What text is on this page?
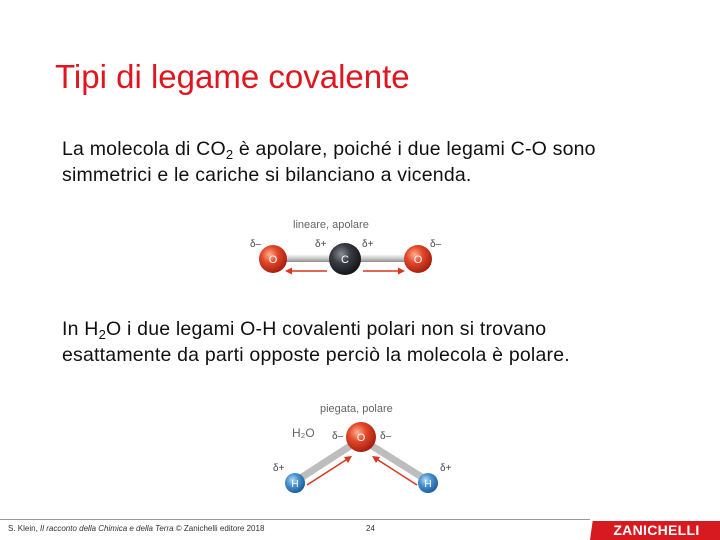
Tipi di legame covalente
La molecola di $CO_2$ è apolare, poiché i due legami C-O sono simmetrici e le cariche si bilanciano a vicenda.
lineare, apolare
δ–	δ+	δ+	δ–
O	C	O
In $H_2O$ i due legami O-H covalenti polari non si trovano esattamente da parti opposte perciò la molecola è polare.
piegata, polare
H₂O δ–	δ–
δ+	δ+
O
H	H
S. Klein, Il racconto della Chimica e della Terra © Zanichelli editore 2018	24	ZANICHELLI
